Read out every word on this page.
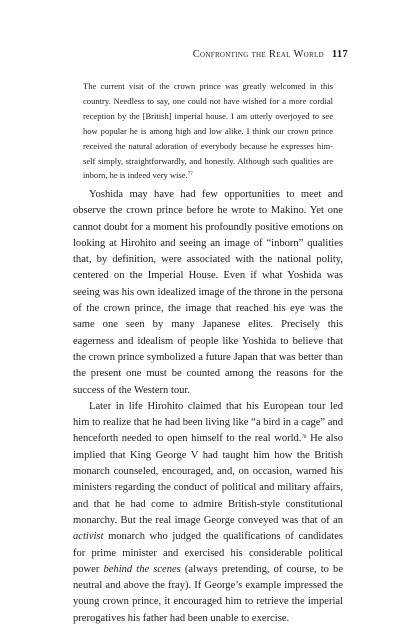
Confronting the Real World 117

The current visit of the crown prince was greatly welcomed in this country. Needless to say, one could not have wished for a more cordial reception by the [British] imperial house. I am utterly overjoyed to see how popular he is among high and low alike. I think our crown prince received the natural adoration of everybody because he expresses himself simply, straightforwardly, and honestly. Although such qualities are inborn, he is indeed very wise.$^{77}$

Yoshida may have had few opportunities to meet and observe the crown prince before he wrote to Makino. Yet one cannot doubt for a moment his profoundly positive emotions on looking at Hirohito and seeing an image of “inborn” qualities that, by definition, were associated with the national polity, centered on the Imperial House. Even if what Yoshida was seeing was his own idealized image of the throne in the persona of the crown prince, the image that reached his eye was the same one seen by many Japanese elites. Precisely this eagerness and idealism of people like Yoshida to believe that the crown prince symbolized a future Japan that was better than the present one must be counted among the reasons for the success of the Western tour.

Later in life Hirohito claimed that his European tour led him to realize that he had been living like “a bird in a cage” and henceforth needed to open himself to the real world.$^{78}$ He also implied that King George V had taught him how the British monarch counseled, encouraged, and, on occasion, warned his ministers regarding the conduct of political and military affairs, and that he had come to admire British-style constitutional monarchy. But the real image George conveyed was that of an activist monarch who judged the qualifications of candidates for prime minister and exercised his considerable political power behind the scenes (always pretending, of course, to be neutral and above the fray). If George’s example impressed the young crown prince, it encouraged him to retrieve the imperial prerogatives his father had been unable to exercise.
